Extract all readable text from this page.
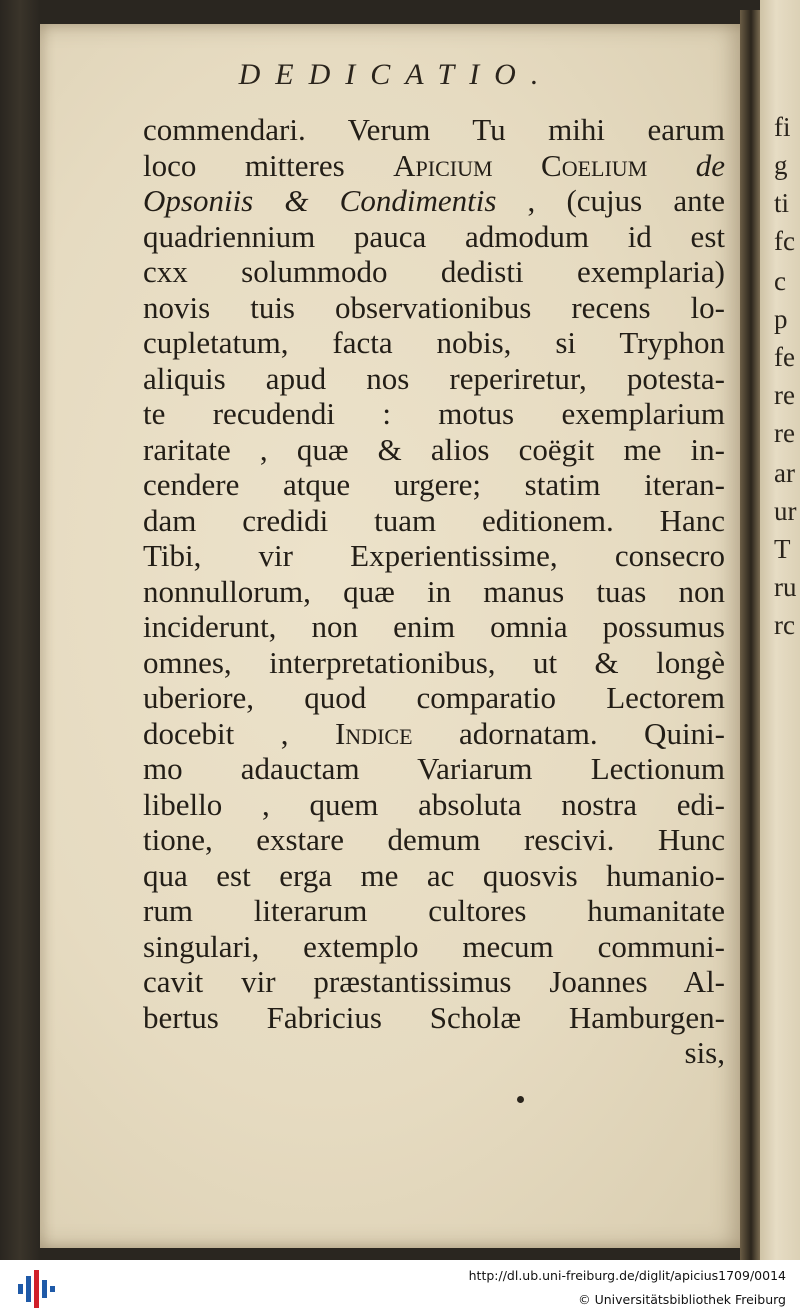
fi
g
ti
fc
c
p
fe
re
re
ar
ur
T
ru
rc
DEDICATIO.
commendari. Verum Tu mihi earum
loco mitteres Apicium Coelium de
Opsoniis & Condimentis , (cujus ante
quadriennium pauca admodum id est
cxx solummodo dedisti exemplaria)
novis tuis observationibus recens lo-
cupletatum, facta nobis, si Tryphon
aliquis apud nos reperiretur, potesta-
te recudendi : motus exemplarium
raritate , quæ & alios coëgit me in-
cendere atque urgere; statim iteran-
dam credidi tuam editionem. Hanc
Tibi, vir Experientissime, consecro
nonnullorum, quæ in manus tuas non
inciderunt, non enim omnia possumus
omnes, interpretationibus, ut & longè
uberiore, quod comparatio Lectorem
docebit , Indice adornatam. Quini-
mo adauctam Variarum Lectionum
libello , quem absoluta nostra edi-
tione, exstare demum rescivi. Hunc
qua est erga me ac quosvis humanio-
rum literarum cultores humanitate
singulari, extemplo mecum communi-
cavit vir præstantissimus Joannes Al-
bertus Fabricius Scholæ Hamburgen-
sis,
http://dl.ub.uni-freiburg.de/diglit/apicius1709/0014
© Universitätsbibliothek Freiburg
